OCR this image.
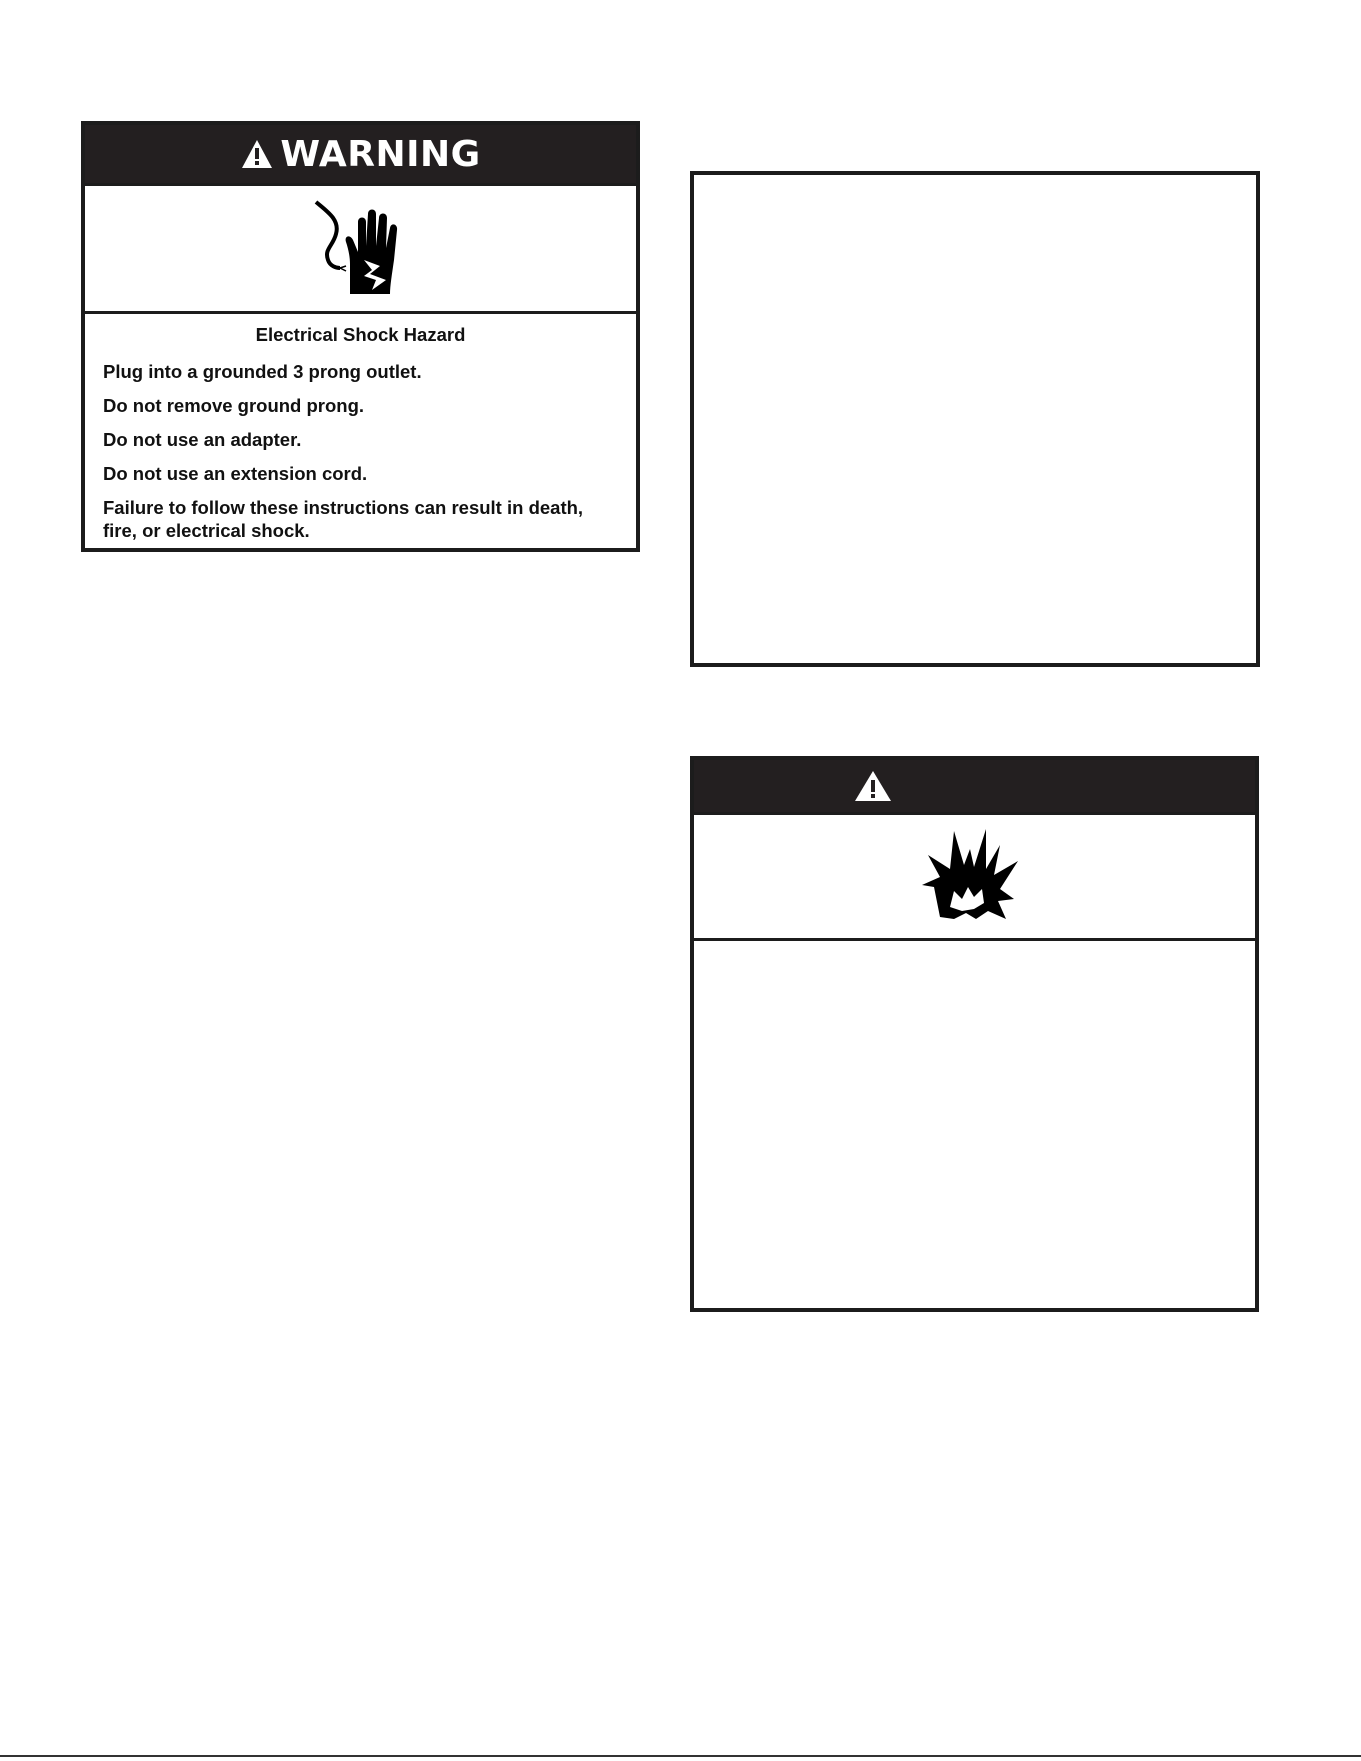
WARNING
Electrical Shock Hazard
Plug into a grounded 3 prong outlet.
Do not remove ground prong.
Do not use an adapter.
Do not use an extension cord.
Failure to follow these instructions can result in death, fire, or electrical shock.
